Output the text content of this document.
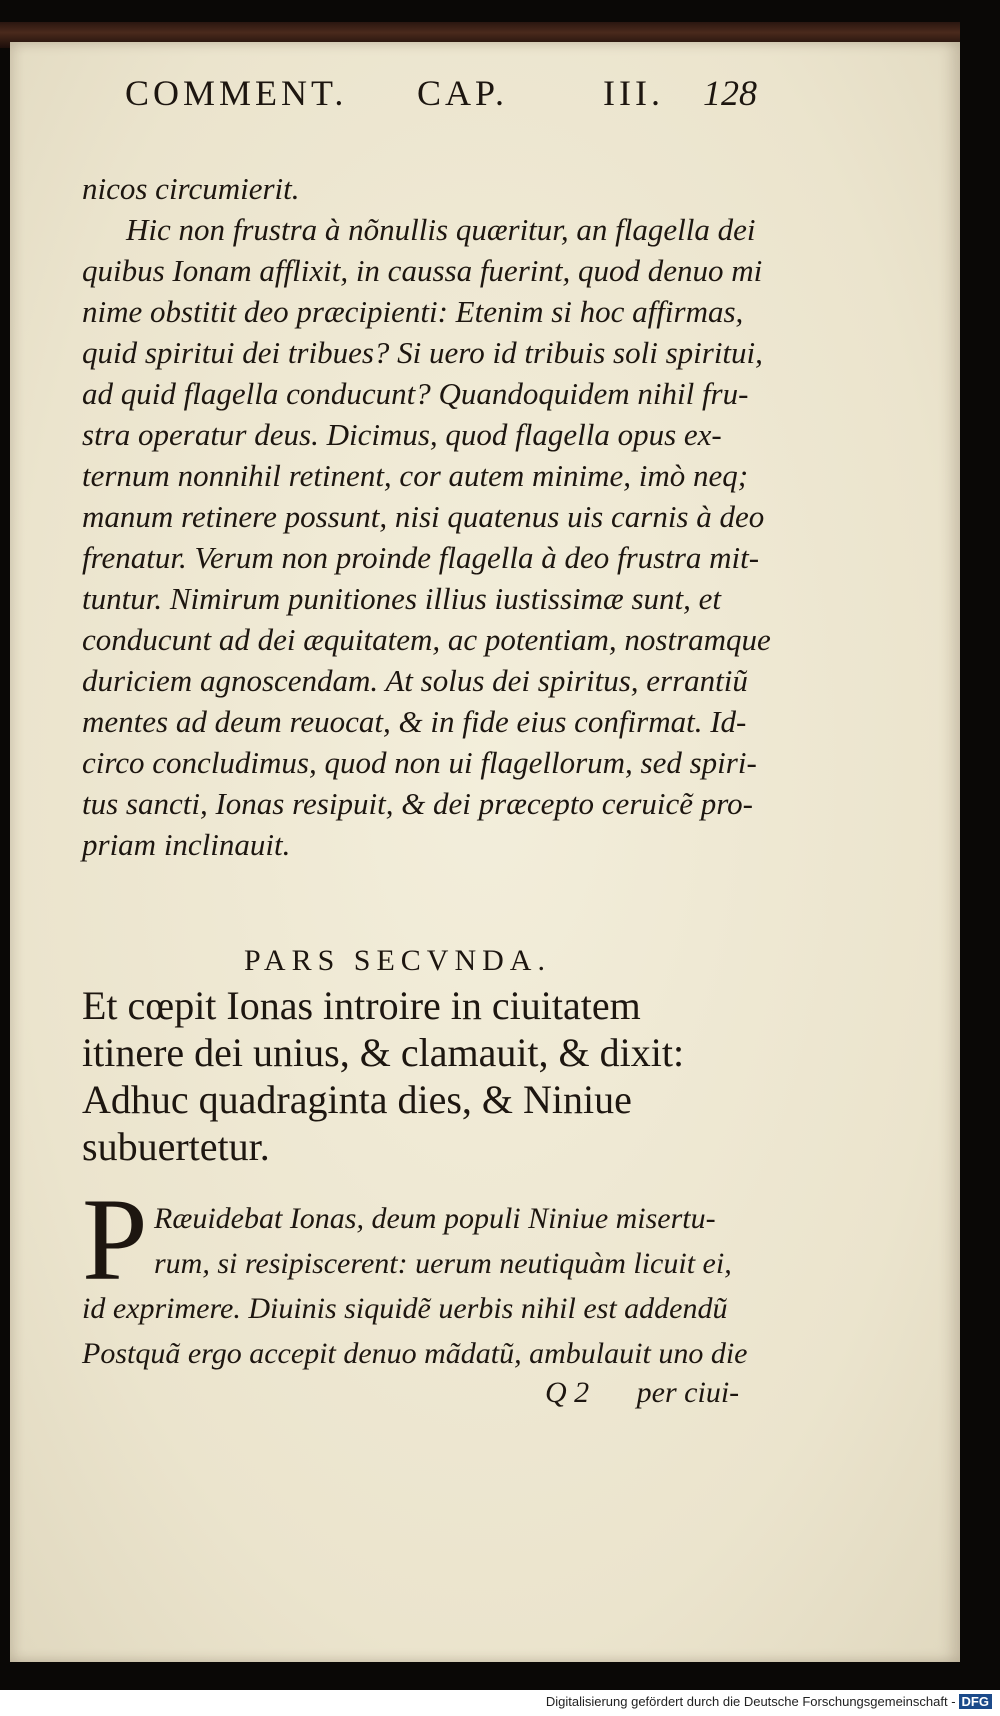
COMMENT. CAP.	III. 128
nicos circumierit.
Hic non frustra à nõnullis quæritur, an flagella dei
quibus Ionam afflixit, in caussa fuerint, quod denuo mi
nime obstitit deo præcipienti: Etenim si hoc affirmas,
quid spiritui dei tribues? Si uero id tribuis soli spiritui,
ad quid flagella conducunt? Quandoquidem nihil fru-
stra operatur deus. Dicimus, quod flagella opus ex-
ternum nonnihil retinent, cor autem minime, imò neq;
manum retinere possunt, nisi quatenus uis carnis à deo
frenatur. Verum non proinde flagella à deo frustra mit-
tuntur. Nimirum punitiones illius iustissimæ sunt, et
conducunt ad dei æquitatem, ac potentiam, nostramque
duriciem agnoscendam. At solus dei spiritus, errantiũ
mentes ad deum reuocat, & in fide eius confirmat. Id-
circo concludimus, quod non ui flagellorum, sed spiri-
tus sancti, Ionas resipuit, & dei præcepto ceruicẽ pro-
priam inclinauit.
PARS SECVNDA.
Et cœpit Ionas introire in ciuitatem
itinere dei unius, & clamauit, & dixit:
Adhuc quadraginta dies, & Niniue
subuertetur.
P Ræuidebat Ionas, deum populi Niniue misertu-
rum, si resipiscerent: uerum neutiquàm licuit ei,
id exprimere. Diuinis siquidẽ uerbis nihil est addendũ
Postquã ergo accepit denuo mãdatũ, ambulauit uno die
Q 2 per ciui-
Digitalisierung gefördert durch die Deutsche Forschungsgemeinschaft - DFG
